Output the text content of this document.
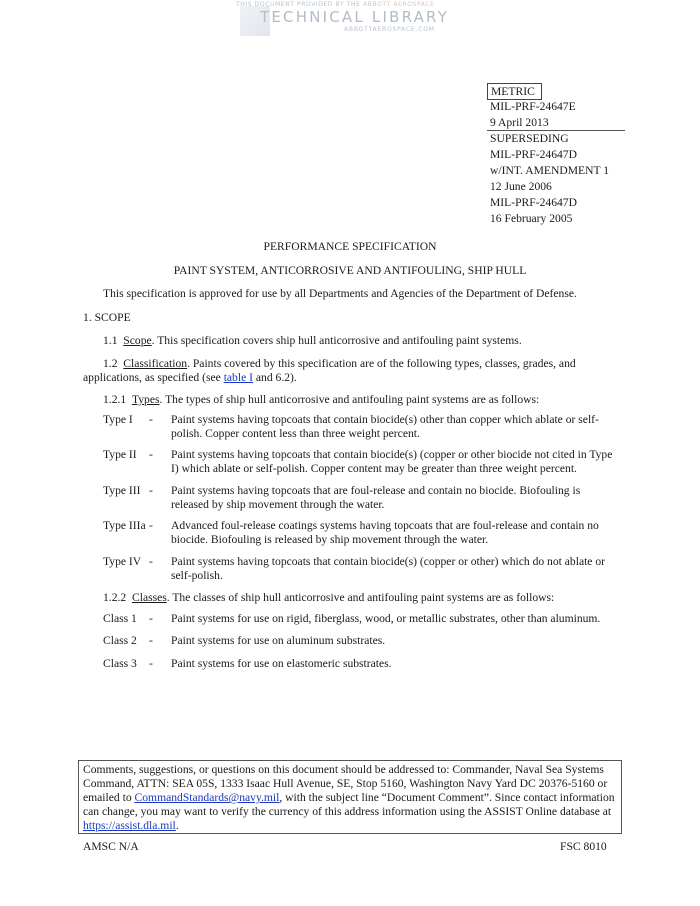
THIS DOCUMENT PROVIDED BY THE ABBOTT AEROSPACE
TECHNICAL LIBRARY
ABBOTTAEROSPACE.COM
METRIC
MIL-PRF-24647E
9 April 2013
SUPERSEDING
MIL-PRF-24647D
w/INT. AMENDMENT 1
12 June 2006
MIL-PRF-24647D
16 February 2005
PERFORMANCE SPECIFICATION
PAINT SYSTEM, ANTICORROSIVE AND ANTIFOULING, SHIP HULL
This specification is approved for use by all Departments and Agencies of the Department of Defense.
1. SCOPE
1.1 Scope. This specification covers ship hull anticorrosive and antifouling paint systems.
1.2 Classification. Paints covered by this specification are of the following types, classes, grades, and
applications, as specified (see table I and 6.2).
1.2.1 Types. The types of ship hull anticorrosive and antifouling paint systems are as follows:
Type I - Paint systems having topcoats that contain biocide(s) other than copper which ablate or self-polish. Copper content less than three weight percent.
Type II - Paint systems having topcoats that contain biocide(s) (copper or other biocide not cited in Type I) which ablate or self-polish. Copper content may be greater than three weight percent.
Type III - Paint systems having topcoats that are foul-release and contain no biocide. Biofouling is released by ship movement through the water.
Type IIIa - Advanced foul-release coatings systems having topcoats that are foul-release and contain no biocide. Biofouling is released by ship movement through the water.
Type IV - Paint systems having topcoats that contain biocide(s) (copper or other) which do not ablate or self-polish.
1.2.2 Classes. The classes of ship hull anticorrosive and antifouling paint systems are as follows:
Class 1 - Paint systems for use on rigid, fiberglass, wood, or metallic substrates, other than aluminum.
Class 2 - Paint systems for use on aluminum substrates.
Class 3 - Paint systems for use on elastomeric substrates.
Comments, suggestions, or questions on this document should be addressed to: Commander, Naval Sea Systems Command, ATTN: SEA 05S, 1333 Isaac Hull Avenue, SE, Stop 5160, Washington Navy Yard DC 20376-5160 or emailed to CommandStandards@navy.mil, with the subject line “Document Comment”. Since contact information can change, you may want to verify the currency of this address information using the ASSIST Online database at https://assist.dla.mil.
AMSC N/A	FSC 8010
